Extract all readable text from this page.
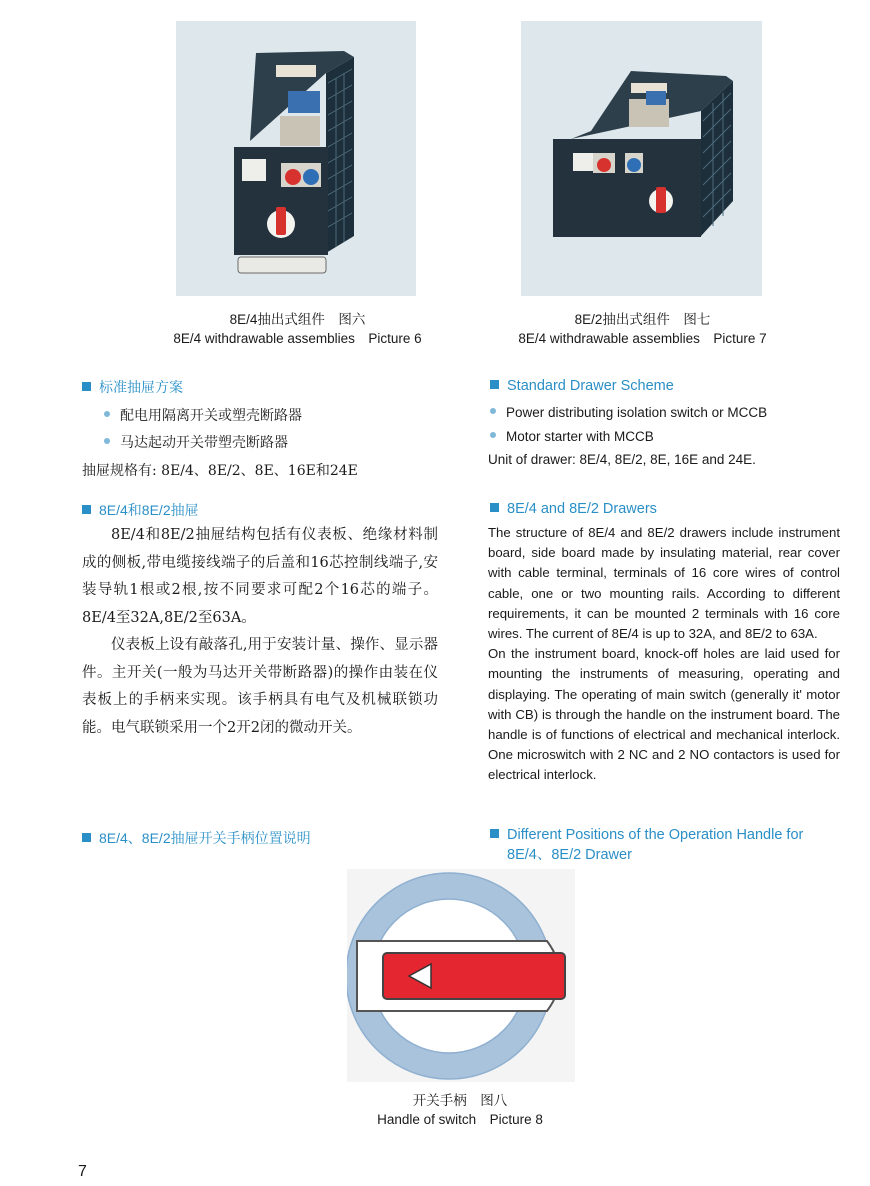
8E/4抽出式组件　图六
8E/4 withdrawable assemblies　Picture 6
8E/2抽出式组件　图七
8E/4 withdrawable assemblies　Picture 7
标准抽屉方案
配电用隔离开关或塑壳断路器
马达起动开关带塑壳断路器
抽屉规格有: 8E/4、8E/2、8E、16E和24E
Standard Drawer Scheme
Power distributing isolation switch or MCCB
Motor starter with MCCB
Unit of drawer: 8E/4, 8E/2, 8E, 16E and 24E.
8E/4和8E/2抽屉

8E/4和8E/2抽屉结构包括有仪表板、绝缘材料制成的侧板,带电缆接线端子的后盖和16芯控制线端子,安装导轨1根或2根,按不同要求可配2个16芯的端子。8E/4至32A,8E/2至63A。

仪表板上设有敲落孔,用于安装计量、操作、显示器件。主开关(一般为马达开关带断路器)的操作由装在仪表板上的手柄来实现。该手柄具有电气及机械联锁功能。电气联锁采用一个2开2闭的微动开关。

8E/4 and 8E/2 Drawers

The structure of 8E/4 and 8E/2 drawers include instrument board, side board made by insulating material, rear cover with cable terminal, terminals of 16 core wires of control cable, one or two mounting rails. According to different requirements, it can be mounted 2 terminals with 16 core wires. The current of 8E/4 is up to 32A, and 8E/2 to 63A.

On the instrument board, knock-off holes are laid used for mounting the instruments of measuring, operating and displaying. The operating of main switch (generally it' motor with CB) is through the handle on the instrument board. The handle is of functions of electrical and mechanical interlock. One microswitch with 2 NC and 2 NO contactors is used for electrical interlock.

8E/4、8E/2抽屉开关手柄位置说明	Different Positions of the Operation Handle for
8E/4、8E/2 Drawer
开关手柄　图八
Handle of switch　Picture 8
7
